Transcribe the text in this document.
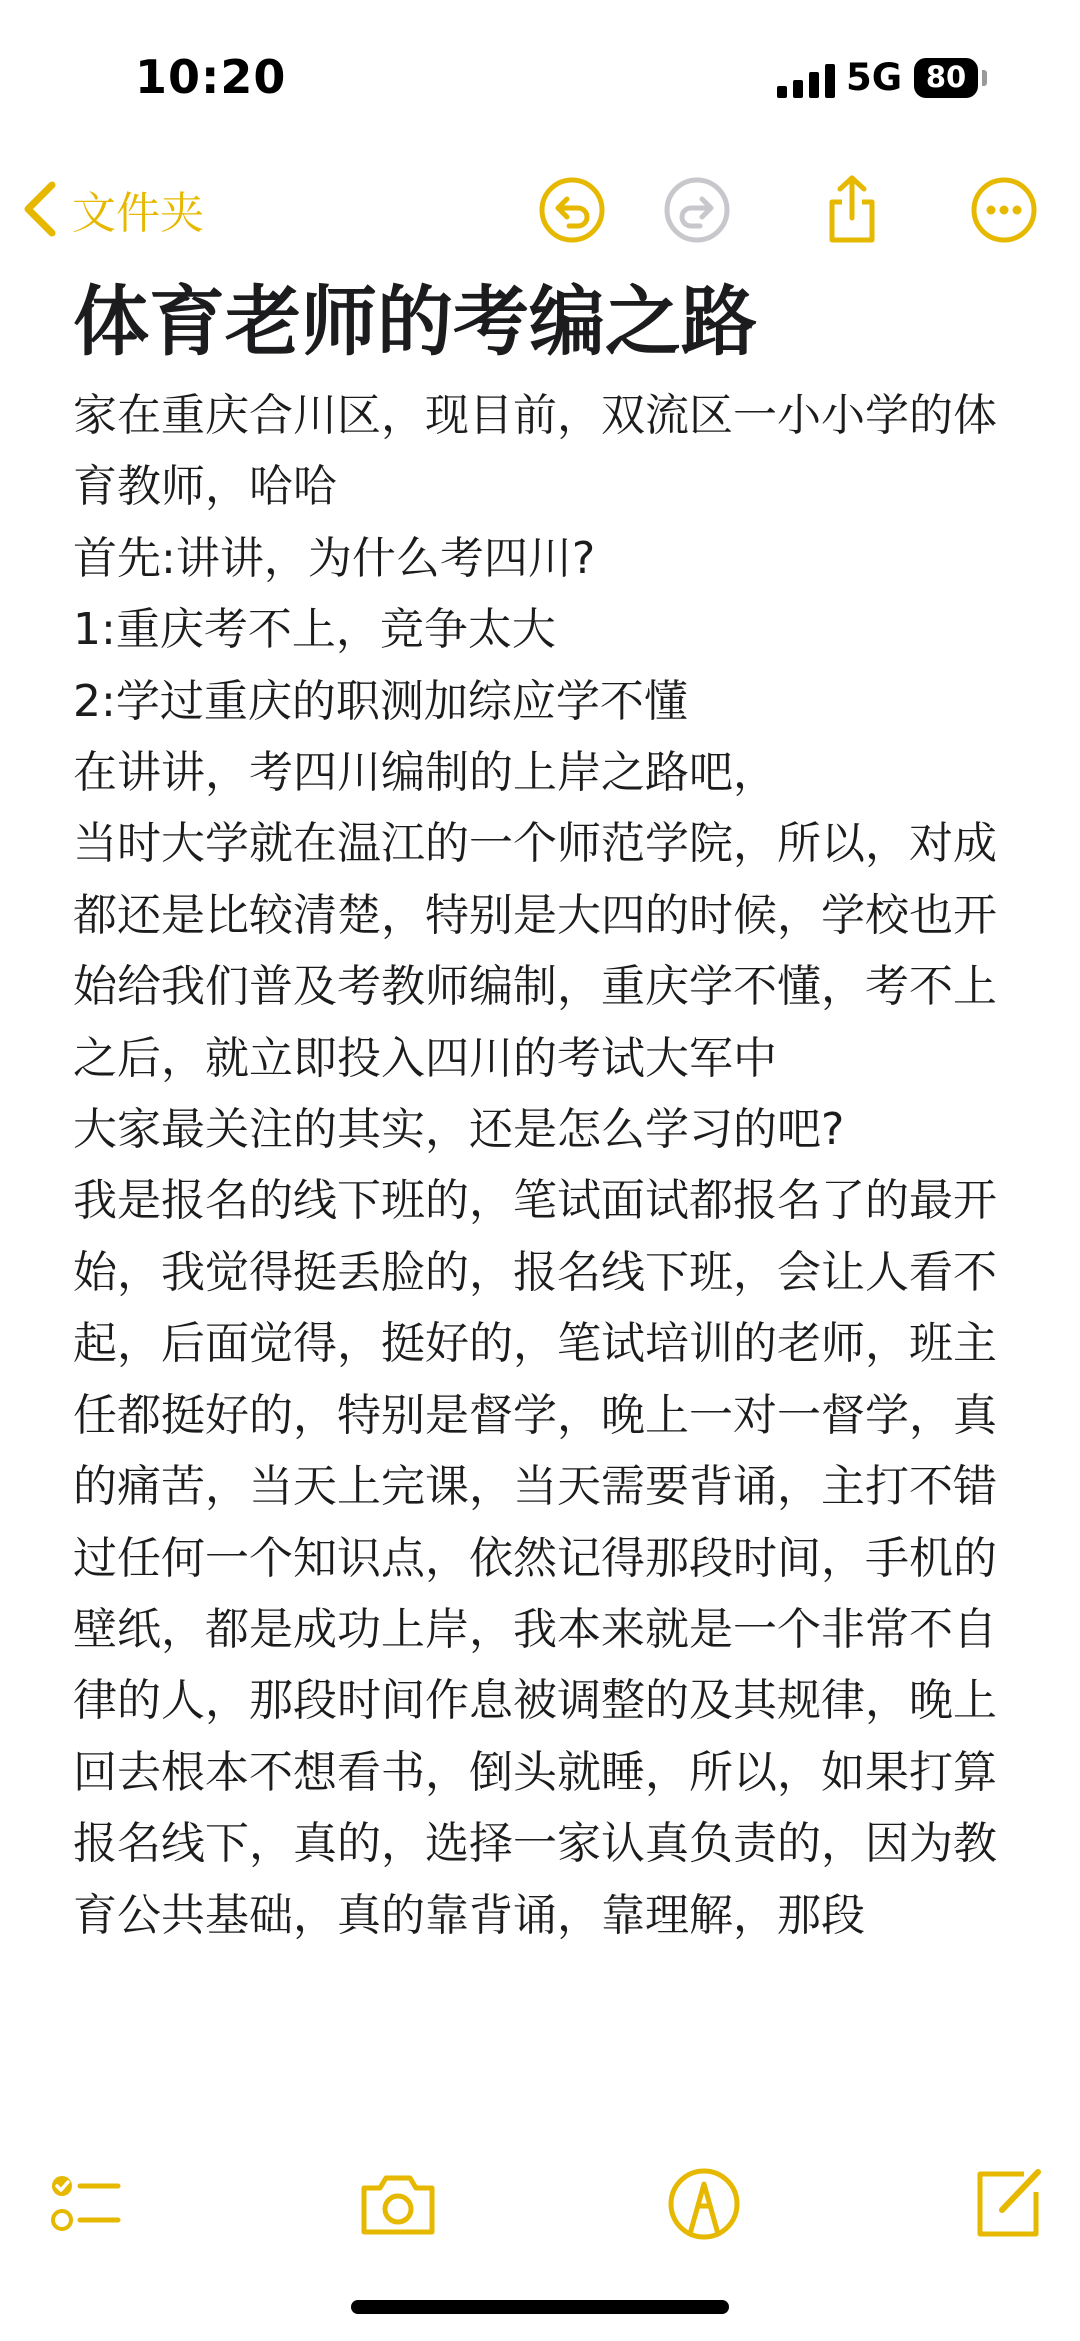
10:20	5G 80
文件夹
体育老师的考编之路
家在重庆合川区，现目前，双流区一小小学的体育教师，哈哈
首先:讲讲，为什么考四川?
1:重庆考不上，竞争太大
2:学过重庆的职测加综应学不懂
在讲讲，考四川编制的上岸之路吧，
当时大学就在温江的一个师范学院，所以，对成都还是比较清楚，特别是大四的时候，学校也开始给我们普及考教师编制，重庆学不懂，考不上之后，就立即投入四川的考试大军中
大家最关注的其实，还是怎么学习的吧?
我是报名的线下班的，笔试面试都报名了的最开始，我觉得挺丢脸的，报名线下班，会让人看不起，后面觉得，挺好的，笔试培训的老师，班主任都挺好的，特别是督学，晚上一对一督学，真的痛苦，当天上完课，当天需要背诵，主打不错过任何一个知识点，依然记得那段时间，手机的壁纸，都是成功上岸，我本来就是一个非常不自律的人，那段时间作息被调整的及其规律，晚上回去根本不想看书，倒头就睡，所以，如果打算报名线下，真的，选择一家认真负责的，因为教育公共基础，真的靠背诵，靠理解，那段
